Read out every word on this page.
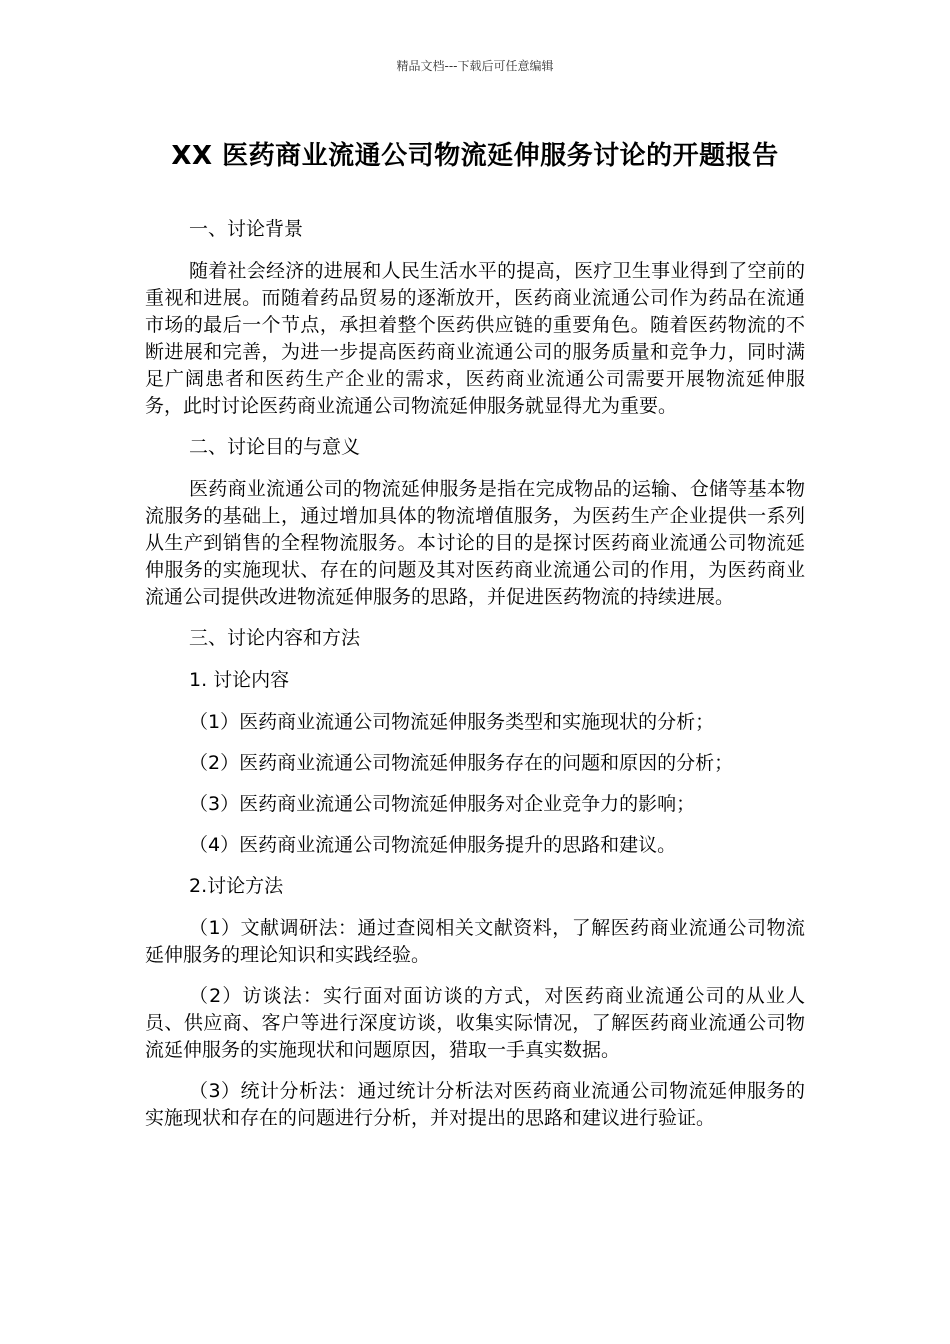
精品文档---下载后可任意编辑
XX 医药商业流通公司物流延伸服务讨论的开题报告
一、讨论背景
随着社会经济的进展和人民生活水平的提高，医疗卫生事业得到了空前的重视和进展。而随着药品贸易的逐渐放开，医药商业流通公司作为药品在流通市场的最后一个节点，承担着整个医药供应链的重要角色。随着医药物流的不断进展和完善，为进一步提高医药商业流通公司的服务质量和竞争力，同时满足广阔患者和医药生产企业的需求，医药商业流通公司需要开展物流延伸服务，此时讨论医药商业流通公司物流延伸服务就显得尤为重要。
二、讨论目的与意义
医药商业流通公司的物流延伸服务是指在完成物品的运输、仓储等基本物流服务的基础上，通过增加具体的物流增值服务，为医药生产企业提供一系列从生产到销售的全程物流服务。本讨论的目的是探讨医药商业流通公司物流延伸服务的实施现状、存在的问题及其对医药商业流通公司的作用，为医药商业流通公司提供改进物流延伸服务的思路，并促进医药物流的持续进展。
三、讨论内容和方法
1. 讨论内容
（1）医药商业流通公司物流延伸服务类型和实施现状的分析；
（2）医药商业流通公司物流延伸服务存在的问题和原因的分析；
（3）医药商业流通公司物流延伸服务对企业竞争力的影响；
（4）医药商业流通公司物流延伸服务提升的思路和建议。
2.讨论方法
（1）文献调研法：通过查阅相关文献资料，了解医药商业流通公司物流延伸服务的理论知识和实践经验。
（2）访谈法：实行面对面访谈的方式，对医药商业流通公司的从业人员、供应商、客户等进行深度访谈，收集实际情况，了解医药商业流通公司物流延伸服务的实施现状和问题原因，猎取一手真实数据。
（3）统计分析法：通过统计分析法对医药商业流通公司物流延伸服务的实施现状和存在的问题进行分析，并对提出的思路和建议进行验证。
